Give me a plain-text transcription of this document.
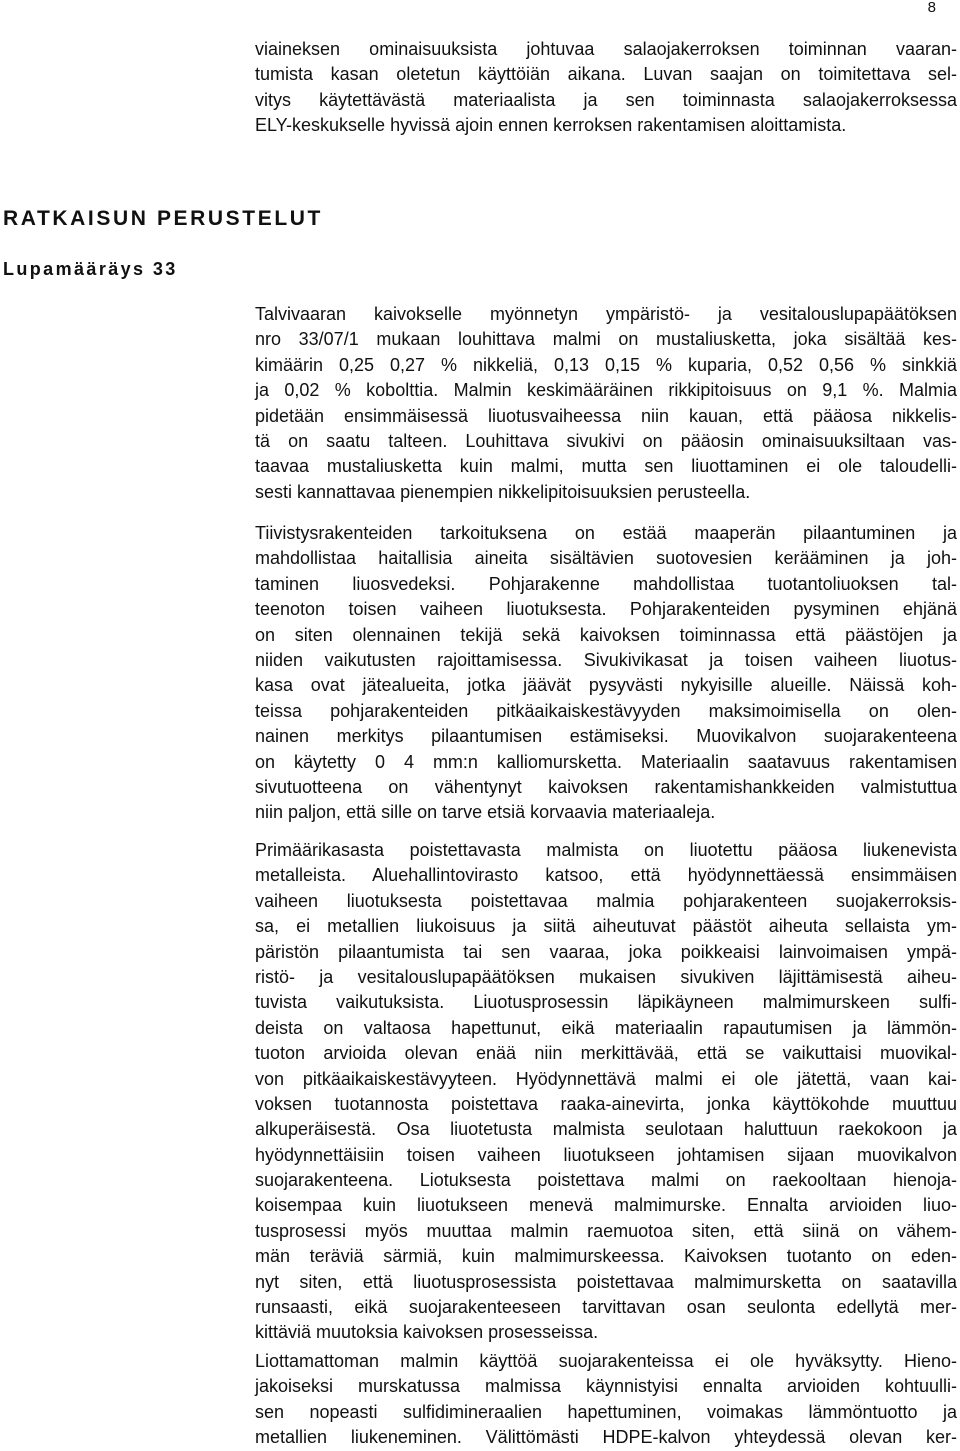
8
viaineksen ominaisuuksista johtuvaa salaojakerroksen toiminnan vaaran-
tumista kasan oletetun käyttöiän aikana. Luvan saajan on toimitettava sel-
vitys käytettävästä materiaalista ja sen toiminnasta salaojakerroksessa
ELY-keskukselle hyvissä ajoin ennen kerroksen rakentamisen aloittamista.
RATKAISUN PERUSTELUT
Lupamääräys 33
Talvivaaran kaivokselle myönnetyn ympäristö- ja vesitalouslupapäätöksen
nro 33/07/1 mukaan louhittava malmi on mustaliusketta, joka sisältää kes-
kimäärin 0,25 0,27 % nikkeliä, 0,13 0,15 % kuparia, 0,52 0,56 % sinkkiä
ja 0,02 % kobolttia. Malmin keskimääräinen rikkipitoisuus on 9,1 %. Malmia
pidetään ensimmäisessä liuotusvaiheessa niin kauan, että pääosa nikkelis-
tä on saatu talteen. Louhittava sivukivi on pääosin ominaisuuksiltaan vas-
taavaa mustaliusketta kuin malmi, mutta sen liuottaminen ei ole taloudelli-
sesti kannattavaa pienempien nikkelipitoisuuksien perusteella.
Tiivistysrakenteiden tarkoituksena on estää maaperän pilaantuminen ja
mahdollistaa haitallisia aineita sisältävien suotovesien kerääminen ja joh-
taminen liuosvedeksi. Pohjarakenne mahdollistaa tuotantoliuoksen tal-
teenoton toisen vaiheen liuotuksesta. Pohjarakenteiden pysyminen ehjänä
on siten olennainen tekijä sekä kaivoksen toiminnassa että päästöjen ja
niiden vaikutusten rajoittamisessa. Sivukivikasat ja toisen vaiheen liuotus-
kasa ovat jätealueita, jotka jäävät pysyvästi nykyisille alueille. Näissä koh-
teissa pohjarakenteiden pitkäaikaiskestävyyden maksimoimisella on olen-
nainen merkitys pilaantumisen estämiseksi. Muovikalvon suojarakenteena
on käytetty 0 4 mm:n kalliomursketta. Materiaalin saatavuus rakentamisen
sivutuotteena on vähentynyt kaivoksen rakentamishankkeiden valmistuttua
niin paljon, että sille on tarve etsiä korvaavia materiaaleja.
Primäärikasasta poistettavasta malmista on liuotettu pääosa liukenevista
metalleista. Aluehallintovirasto katsoo, että hyödynnettäessä ensimmäisen
vaiheen liuotuksesta poistettavaa malmia pohjarakenteen suojakerroksis-
sa, ei metallien liukoisuus ja siitä aiheutuvat päästöt aiheuta sellaista ym-
päristön pilaantumista tai sen vaaraa, joka poikkeaisi lainvoimaisen ympä-
ristö- ja vesitalouslupapäätöksen mukaisen sivukiven läjittämisestä aiheu-
tuvista vaikutuksista. Liuotusprosessin läpikäyneen malmimurskeen sulfi-
deista on valtaosa hapettunut, eikä materiaalin rapautumisen ja lämmön-
tuoton arvioida olevan enää niin merkittävää, että se vaikuttaisi muovikal-
von pitkäaikaiskestävyyteen. Hyödynnettävä malmi ei ole jätettä, vaan kai-
voksen tuotannosta poistettava raaka-ainevirta, jonka käyttökohde muuttuu
alkuperäisestä. Osa liuotetusta malmista seulotaan haluttuun raekokoon ja
hyödynnettäisiin toisen vaiheen liuotukseen johtamisen sijaan muovikalvon
suojarakenteena. Liotuksesta poistettava malmi on raekooltaan hienoja-
koisempaa kuin liuotukseen menevä malmimurske. Ennalta arvioiden liuo-
tusprosessi myös muuttaa malmin raemuotoa siten, että siinä on vähem-
män teräviä särmiä, kuin malmimurskeessa. Kaivoksen tuotanto on eden-
nyt siten, että liuotusprosessista poistettavaa malmimursketta on saatavilla
runsaasti, eikä suojarakenteeseen tarvittavan osan seulonta edellytä mer-
kittäviä muutoksia kaivoksen prosesseissa.
Liottamattoman malmin käyttöä suojarakenteissa ei ole hyväksytty. Hieno-
jakoiseksi murskatussa malmissa käynnistyisi ennalta arvioiden kohtuulli-
sen nopeasti sulfidimineraalien hapettuminen, voimakas lämmöntuotto ja
metallien liukeneminen. Välittömästi HDPE-kalvon yhteydessä olevan ker-
